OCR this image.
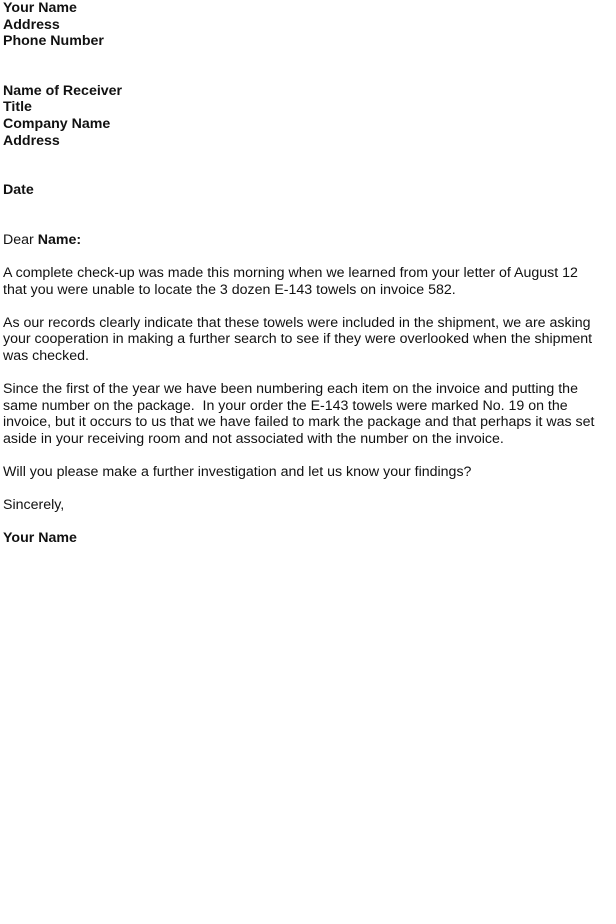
Your Name
Address
Phone Number
Name of Receiver
Title
Company Name
Address
Date
Dear Name:
A complete check-up was made this morning when we learned from your letter of August 12
that you were unable to locate the 3 dozen E-143 towels on invoice 582.
As our records clearly indicate that these towels were included in the shipment, we are asking
your cooperation in making a further search to see if they were overlooked when the shipment
was checked.
Since the first of the year we have been numbering each item on the invoice and putting the
same number on the package.  In your order the E-143 towels were marked No. 19 on the
invoice, but it occurs to us that we have failed to mark the package and that perhaps it was set
aside in your receiving room and not associated with the number on the invoice.
Will you please make a further investigation and let us know your findings?
Sincerely,
Your Name
